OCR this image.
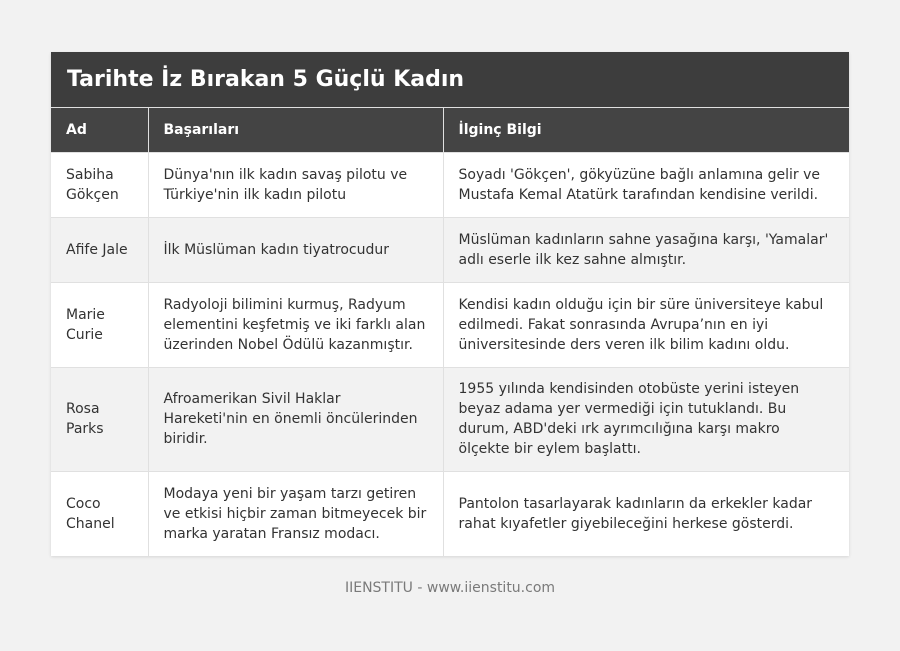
Tarihte İz Bırakan 5 Güçlü Kadın
Ad	Başarıları	İlginç Bilgi
Sabiha Gökçen	Dünya'nın ilk kadın savaş pilotu ve Türkiye'nin ilk kadın pilotu	Soyadı 'Gökçen', gökyüzüne bağlı anlamına gelir ve Mustafa Kemal Atatürk tarafından kendisine verildi.
Afife Jale	İlk Müslüman kadın tiyatrocudur	Müslüman kadınların sahne yasağına karşı, 'Yamalar' adlı eserle ilk kez sahne almıştır.
Marie Curie	Radyoloji bilimini kurmuş, Radyum elementini keşfetmiş ve iki farklı alan üzerinden Nobel Ödülü kazanmıştır.	Kendisi kadın olduğu için bir süre üniversiteye kabul edilmedi. Fakat sonrasında Avrupa’nın en iyi üniversitesinde ders veren ilk bilim kadını oldu.
Rosa Parks	Afroamerikan Sivil Haklar Hareketi'nin en önemli öncülerinden biridir.	1955 yılında kendisinden otobüste yerini isteyen beyaz adama yer vermediği için tutuklandı. Bu durum, ABD'deki ırk ayrımcılığına karşı makro ölçekte bir eylem başlattı.
Coco Chanel	Modaya yeni bir yaşam tarzı getiren ve etkisi hiçbir zaman bitmeyecek bir marka yaratan Fransız modacı.	Pantolon tasarlayarak kadınların da erkekler kadar rahat kıyafetler giyebileceğini herkese gösterdi.
IIENSTITU - www.iienstitu.com
